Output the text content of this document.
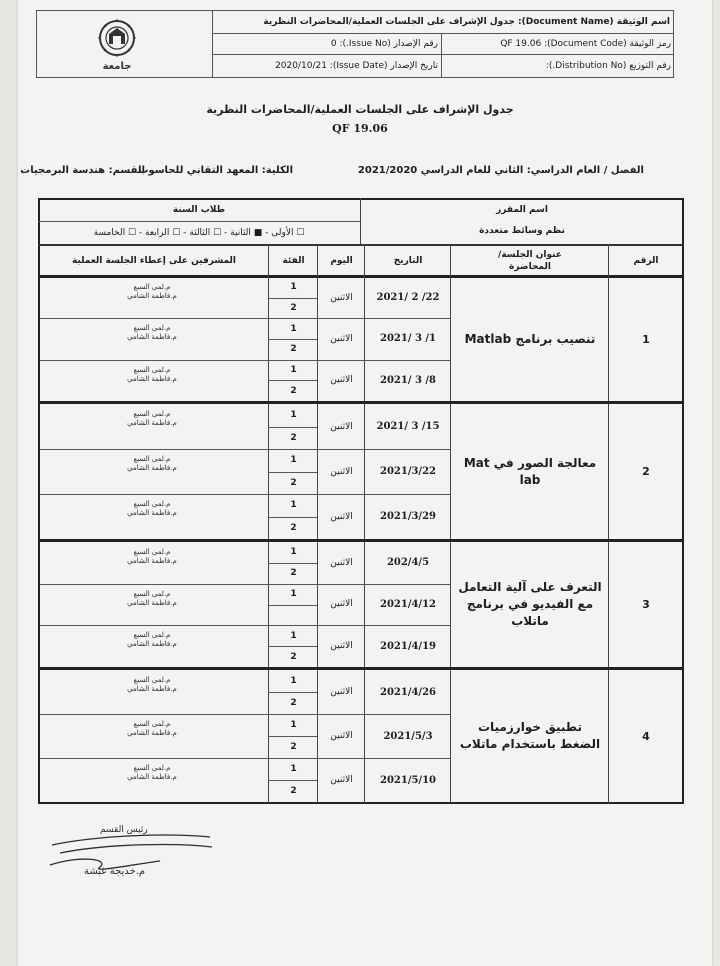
اسم الوثيقة (Document Name): جدول الإشراف على الجلسات العملية/المحاضرات النظرية
رمز الوثيقة (Document Code): QF 19.06
رقم الإصدار (Issue No.): 0
رقم التوزيع (Distribution No.):
تاريخ الإصدار (Issue Date): 2020/10/21
جامعة
جدول الإشراف على الجلسات العملية/المحاضرات النظرية
QF 19.06
الفصل / العام الدراسي: الثاني للعام الدراسي 2021/2020
الكلية: المعهد التقاني للحاسوب
القسم: هندسة البرمجيات
اسم المقرر
نظم وسائط متعددة
طلاب السنة
☐ الأولى - ■ الثانية - ☐ الثالثة - ☐ الرابعة - ☐ الخامسة
الرقم
عنوان الجلسة/المحاضرة
التاريخ
اليوم
الفئة
المشرفين على إعطاء الجلسة العملية
1
تنصيب برنامج Matlab
2021/ 2 /22
الاثنين
1
2
م.لمى السبع
م.فاطمة الشامي
2021/ 3 /1
الاثنين
1
2
م.لمى السبع
م.فاطمة الشامي
2021/ 3 /8
الاثنين
1
2
م.لمى السبع
م.فاطمة الشامي
2
معالجة الصور في Mat lab
2021/ 3 /15
الاثنين
1
2
م.لمى السبع
م.فاطمة الشامي
2021/3/22
الاثنين
1
2
م.لمى السبع
م.فاطمة الشامي
2021/3/29
الاثنين
1
2
م.لمى السبع
م.فاطمة الشامي
3
التعرف على آلية التعامل مع الفيديو في برنامج ماتلاب
202/4/5
الاثنين
1
2
م.لمى السبع
م.فاطمة الشامي
2021/4/12
الاثنين
1
م.لمى السبع
م.فاطمة الشامي
2021/4/19
الاثنين
1
2
م.لمى السبع
م.فاطمة الشامي
4
تطبيق خوارزميات الضغط باستخدام ماتلاب
2021/4/26
الاثنين
1
2
م.لمى السبع
م.فاطمة الشامي
2021/5/3
الاثنين
1
2
م.لمى السبع
م.فاطمة الشامي
2021/5/10
الاثنين
1
2
م.لمى السبع
م.فاطمة الشامي
رئيس القسم
م.خديجة غبشة
